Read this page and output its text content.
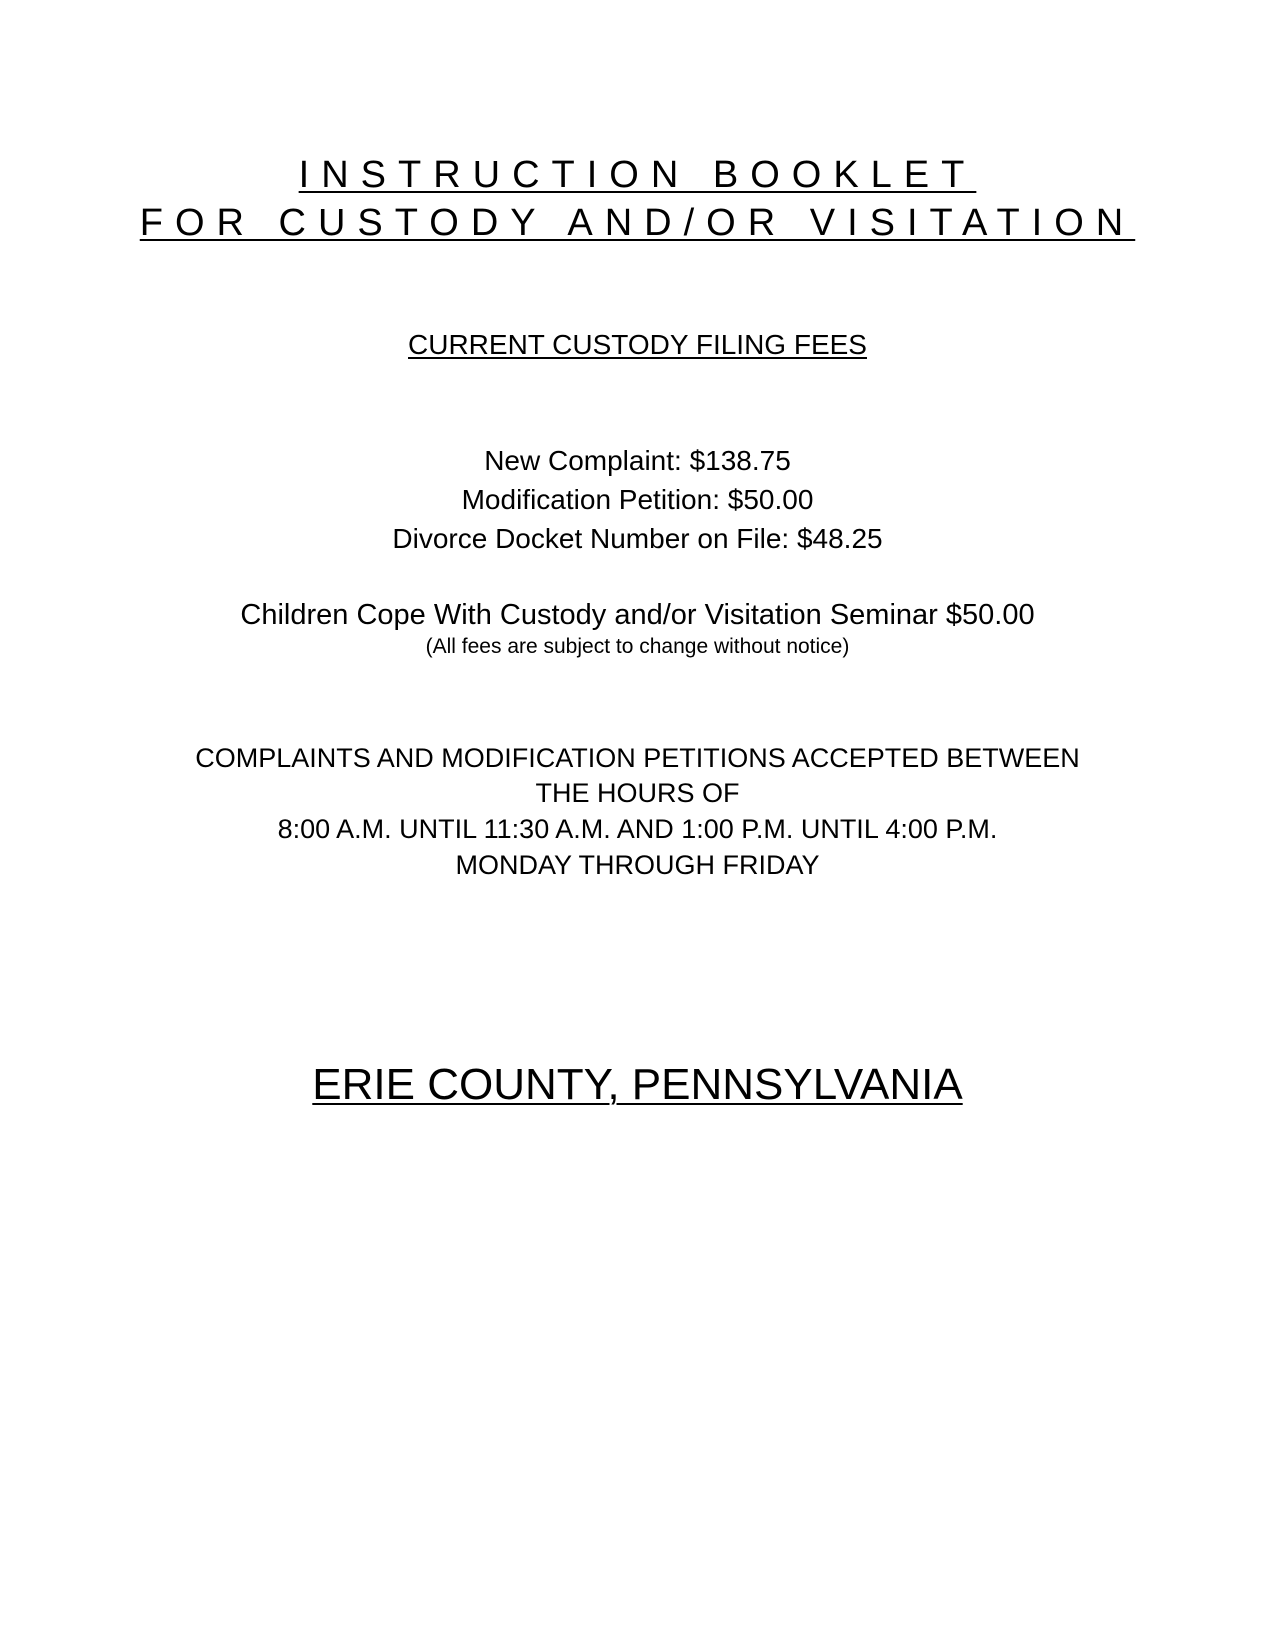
INSTRUCTION BOOKLET
FOR CUSTODY AND/OR VISITATION
CURRENT CUSTODY FILING FEES
New Complaint: $138.75
Modification Petition: $50.00
Divorce Docket Number on File: $48.25
Children Cope With Custody and/or Visitation Seminar $50.00
(All fees are subject to change without notice)
COMPLAINTS AND MODIFICATION PETITIONS ACCEPTED BETWEEN
THE HOURS OF
8:00 A.M. UNTIL 11:30 A.M. AND 1:00 P.M. UNTIL 4:00 P.M.
MONDAY THROUGH FRIDAY
ERIE COUNTY, PENNSYLVANIA
